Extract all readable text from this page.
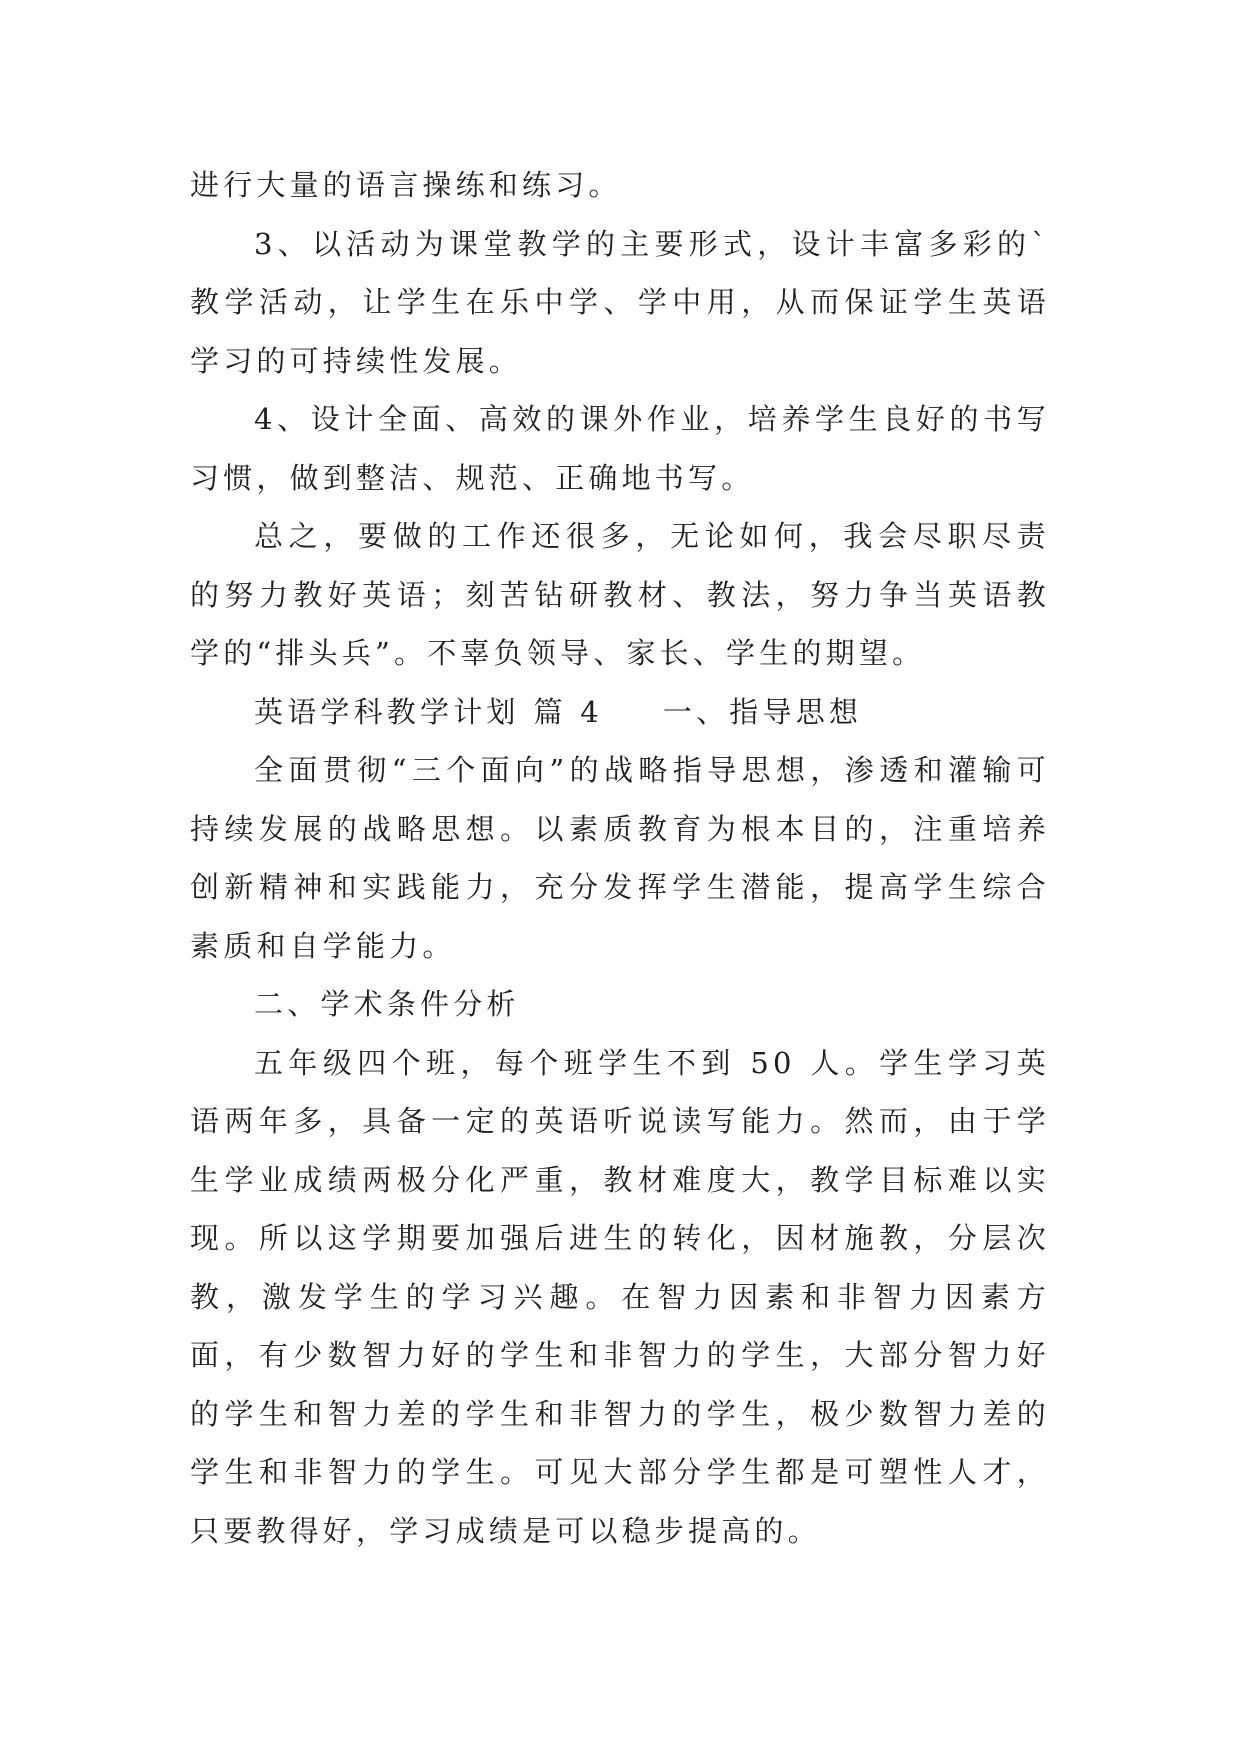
进行大量的语言操练和练习。

3、以活动为课堂教学的主要形式，设计丰富多彩的`教学活动，让学生在乐中学、学中用，从而保证学生英语学习的可持续性发展。

4、设计全面、高效的课外作业，培养学生良好的书写习惯，做到整洁、规范、正确地书写。

总之，要做的工作还很多，无论如何，我会尽职尽责的努力教好英语；刻苦钻研教材、教法，努力争当英语教学的“排头兵”。不辜负领导、家长、学生的期望。

英语学科教学计划 篇 4 一、指导思想

全面贯彻“三个面向”的战略指导思想，渗透和灌输可持续发展的战略思想。以素质教育为根本目的，注重培养创新精神和实践能力，充分发挥学生潜能，提高学生综合素质和自学能力。

二、学术条件分析

五年级四个班，每个班学生不到 50 人。学生学习英语两年多，具备一定的英语听说读写能力。然而，由于学生学业成绩两极分化严重，教材难度大，教学目标难以实现。所以这学期要加强后进生的转化，因材施教，分层次教，激发学生的学习兴趣。在智力因素和非智力因素方面，有少数智力好的学生和非智力的学生，大部分智力好的学生和智力差的学生和非智力的学生，极少数智力差的学生和非智力的学生。可见大部分学生都是可塑性人才，只要教得好，学习成绩是可以稳步提高的。
